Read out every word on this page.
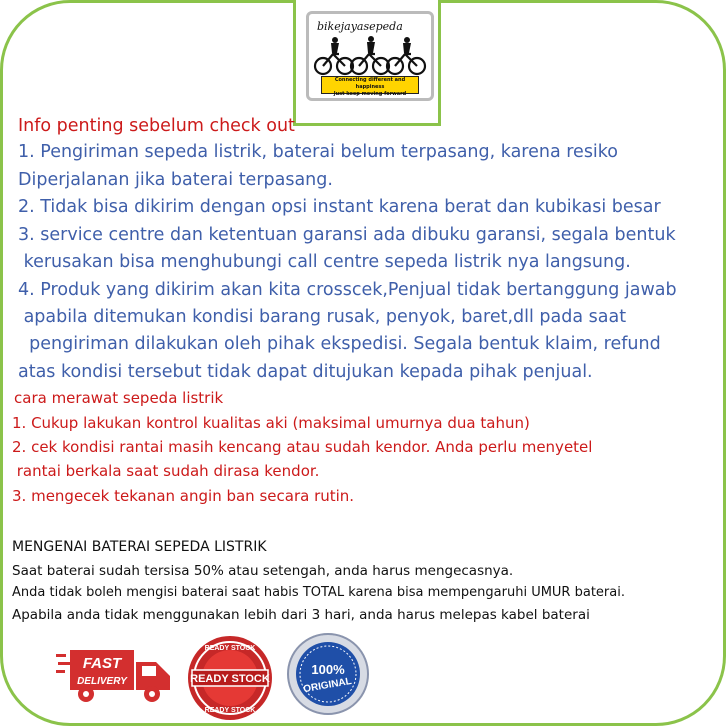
bikejayasepeda
Connecting different and happiness
Just keep moving forward
Info penting sebelum check out
1. Pengiriman sepeda listrik, baterai belum terpasang, karena resiko
Diperjalanan jika baterai terpasang.
2. Tidak bisa dikirim dengan opsi instant karena berat dan kubikasi besar
3. service centre dan ketentuan garansi ada dibuku garansi, segala bentuk
kerusakan bisa menghubungi call centre sepeda listrik nya langsung.
4. Produk yang dikirim akan kita crosscek,Penjual tidak bertanggung jawab
apabila ditemukan kondisi barang rusak, penyok, baret,dll pada saat
pengiriman dilakukan oleh pihak ekspedisi. Segala bentuk klaim, refund
atas kondisi tersebut tidak dapat ditujukan kepada pihak penjual.
cara merawat sepeda listrik
1. Cukup lakukan kontrol kualitas aki (maksimal umurnya dua tahun)
2. cek kondisi rantai masih kencang atau sudah kendor. Anda perlu menyetel
rantai berkala saat sudah dirasa kendor.
3. mengecek tekanan angin ban secara rutin.
MENGENAI BATERAI SEPEDA LISTRIK
Saat baterai sudah tersisa 50% atau setengah, anda harus mengecasnya.
Anda tidak boleh mengisi baterai saat habis TOTAL karena bisa mempengaruhi UMUR baterai.
Apabila anda tidak menggunakan lebih dari 3 hari, anda harus melepas kabel baterai
FAST
DELIVERY
READY STOCK
READY STOCK
READY STOCK
100%
ORIGINAL
